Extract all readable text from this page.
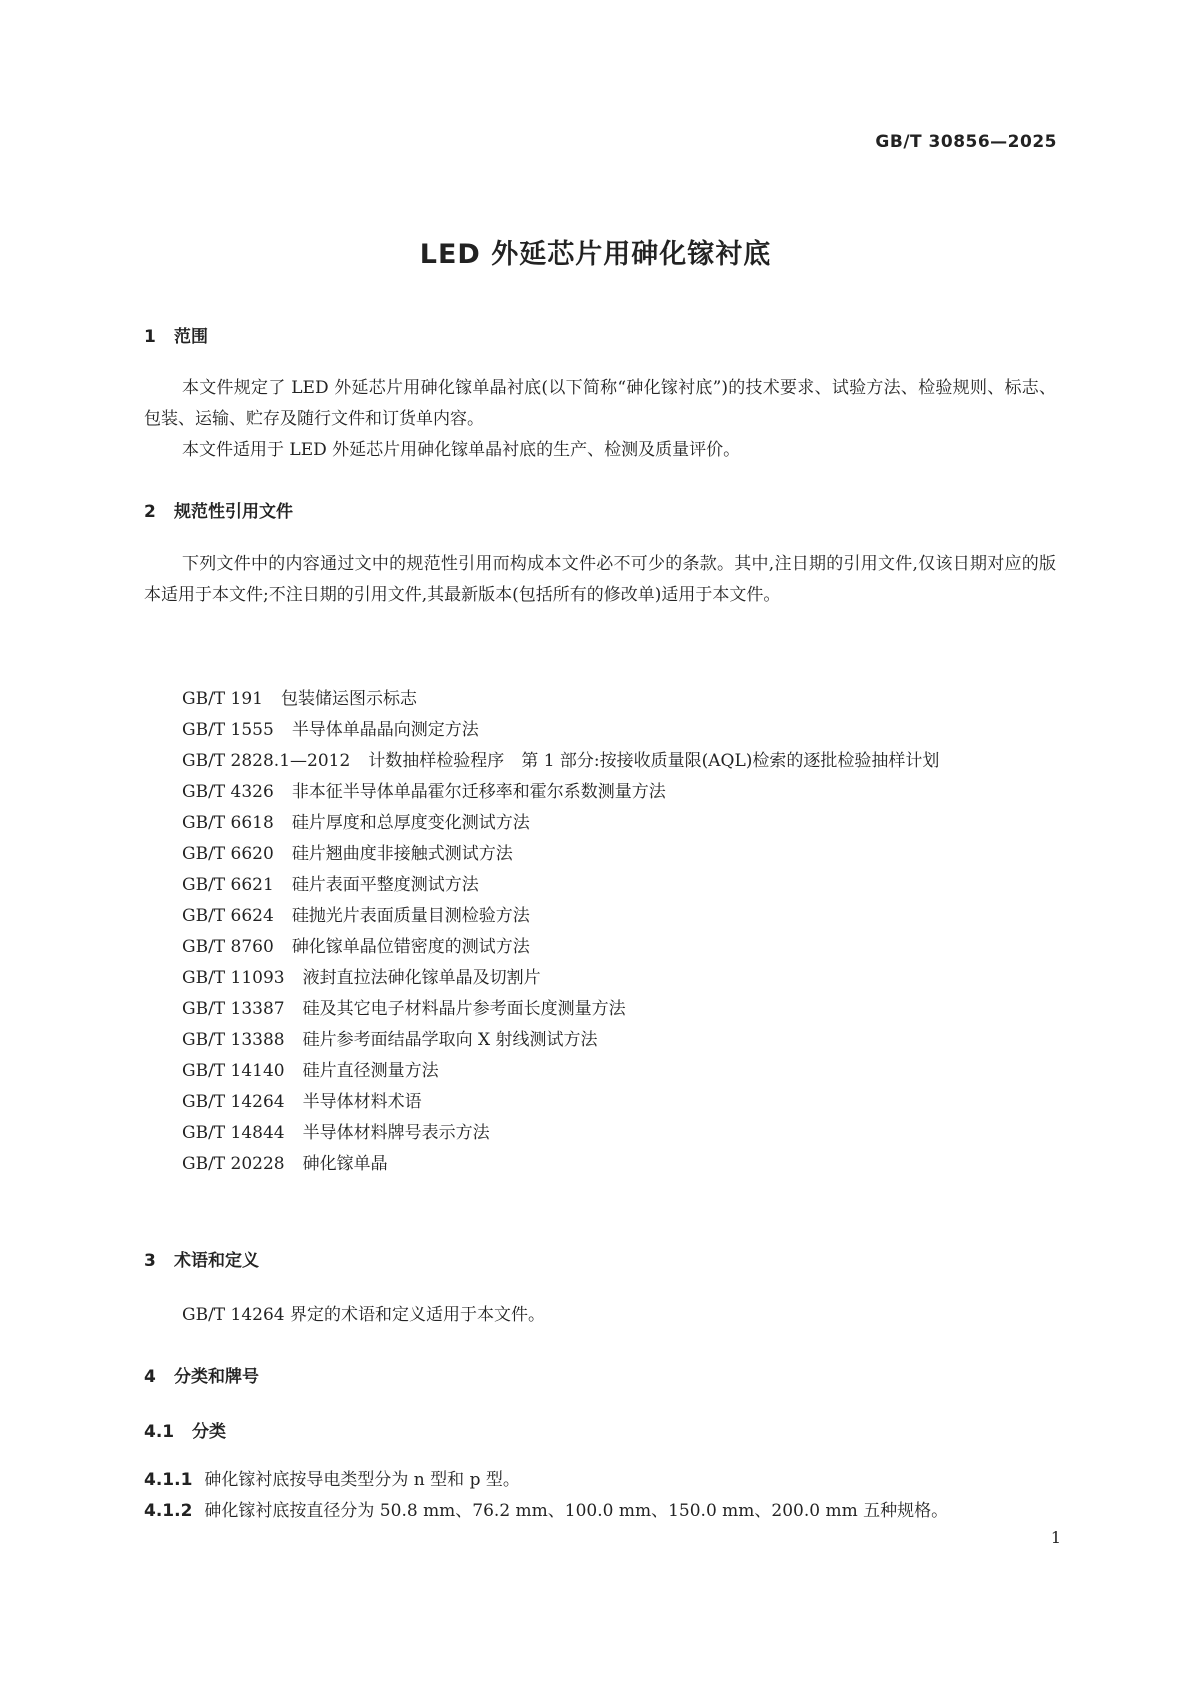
GB/T 30856—2025
LED 外延芯片用砷化镓衬底
1 范围
本文件规定了 LED 外延芯片用砷化镓单晶衬底(以下简称“砷化镓衬底”)的技术要求、试验方法、检验规则、标志、包装、运输、贮存及随行文件和订货单内容。
本文件适用于 LED 外延芯片用砷化镓单晶衬底的生产、检测及质量评价。
2 规范性引用文件
下列文件中的内容通过文中的规范性引用而构成本文件必不可少的条款。其中,注日期的引用文件,仅该日期对应的版本适用于本文件;不注日期的引用文件,其最新版本(包括所有的修改单)适用于本文件。
GB/T 191 包装储运图示标志
GB/T 1555 半导体单晶晶向测定方法
GB/T 2828.1—2012 计数抽样检验程序　第 1 部分:按接收质量限(AQL)检索的逐批检验抽样计划
GB/T 4326 非本征半导体单晶霍尔迁移率和霍尔系数测量方法
GB/T 6618 硅片厚度和总厚度变化测试方法
GB/T 6620 硅片翘曲度非接触式测试方法
GB/T 6621 硅片表面平整度测试方法
GB/T 6624 硅抛光片表面质量目测检验方法
GB/T 8760 砷化镓单晶位错密度的测试方法
GB/T 11093 液封直拉法砷化镓单晶及切割片
GB/T 13387 硅及其它电子材料晶片参考面长度测量方法
GB/T 13388 硅片参考面结晶学取向 X 射线测试方法
GB/T 14140 硅片直径测量方法
GB/T 14264 半导体材料术语
GB/T 14844 半导体材料牌号表示方法
GB/T 20228 砷化镓单晶
3 术语和定义
GB/T 14264 界定的术语和定义适用于本文件。
4 分类和牌号
4.1 分类
4.1.1 砷化镓衬底按导电类型分为 n 型和 p 型。
4.1.2 砷化镓衬底按直径分为 50.8 mm、76.2 mm、100.0 mm、150.0 mm、200.0 mm 五种规格。
1
